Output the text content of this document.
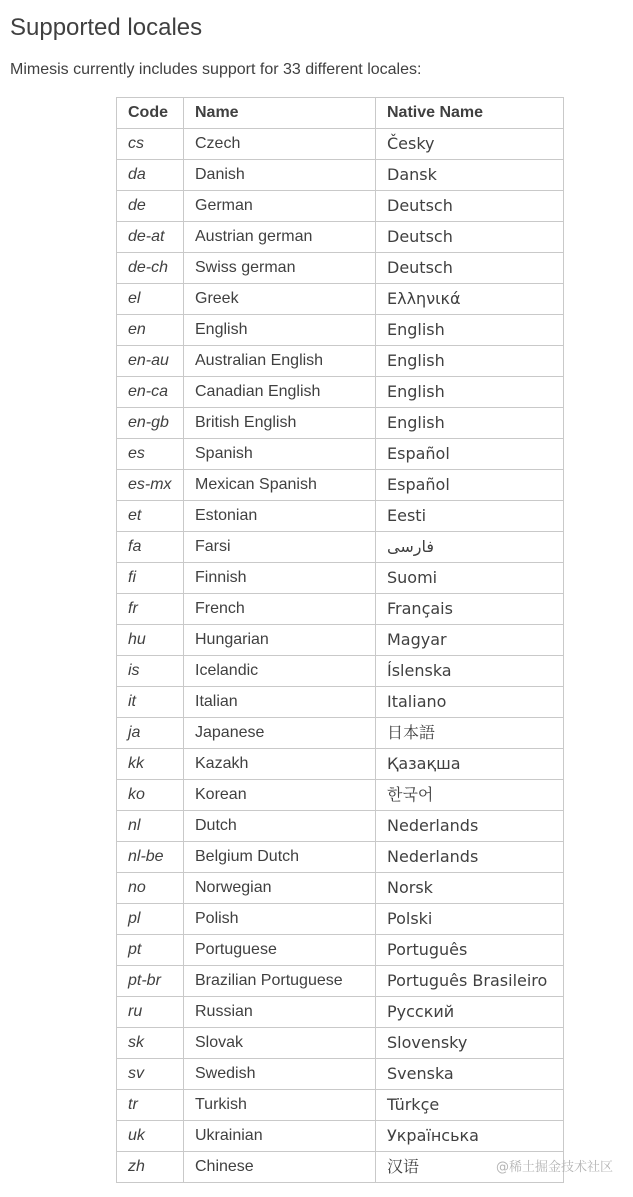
Supported locales

Mimesis currently includes support for 33 different locales:

Code	Name	Native Name
cs	Czech	Česky
da	Danish	Dansk
de	German	Deutsch
de-at	Austrian german	Deutsch
de-ch	Swiss german	Deutsch
el	Greek	Ελληνικά
en	English	English
en-au	Australian English	English
en-ca	Canadian English	English
en-gb	British English	English
es	Spanish	Español
es-mx	Mexican Spanish	Español
et	Estonian	Eesti
fa	Farsi	فارسی
fi	Finnish	Suomi
fr	French	Français
hu	Hungarian	Magyar
is	Icelandic	Íslenska
it	Italian	Italiano
ja	Japanese	日本語
kk	Kazakh	Қазақша
ko	Korean	한국어
nl	Dutch	Nederlands
nl-be	Belgium Dutch	Nederlands
no	Norwegian	Norsk
pl	Polish	Polski
pt	Portuguese	Português
pt-br	Brazilian Portuguese	Português Brasileiro
ru	Russian	Русский
sk	Slovak	Slovensky
sv	Swedish	Svenska
tr	Turkish	Türkçe
uk	Ukrainian	Українська
zh	Chinese	汉语	@稀土掘金技术社区
